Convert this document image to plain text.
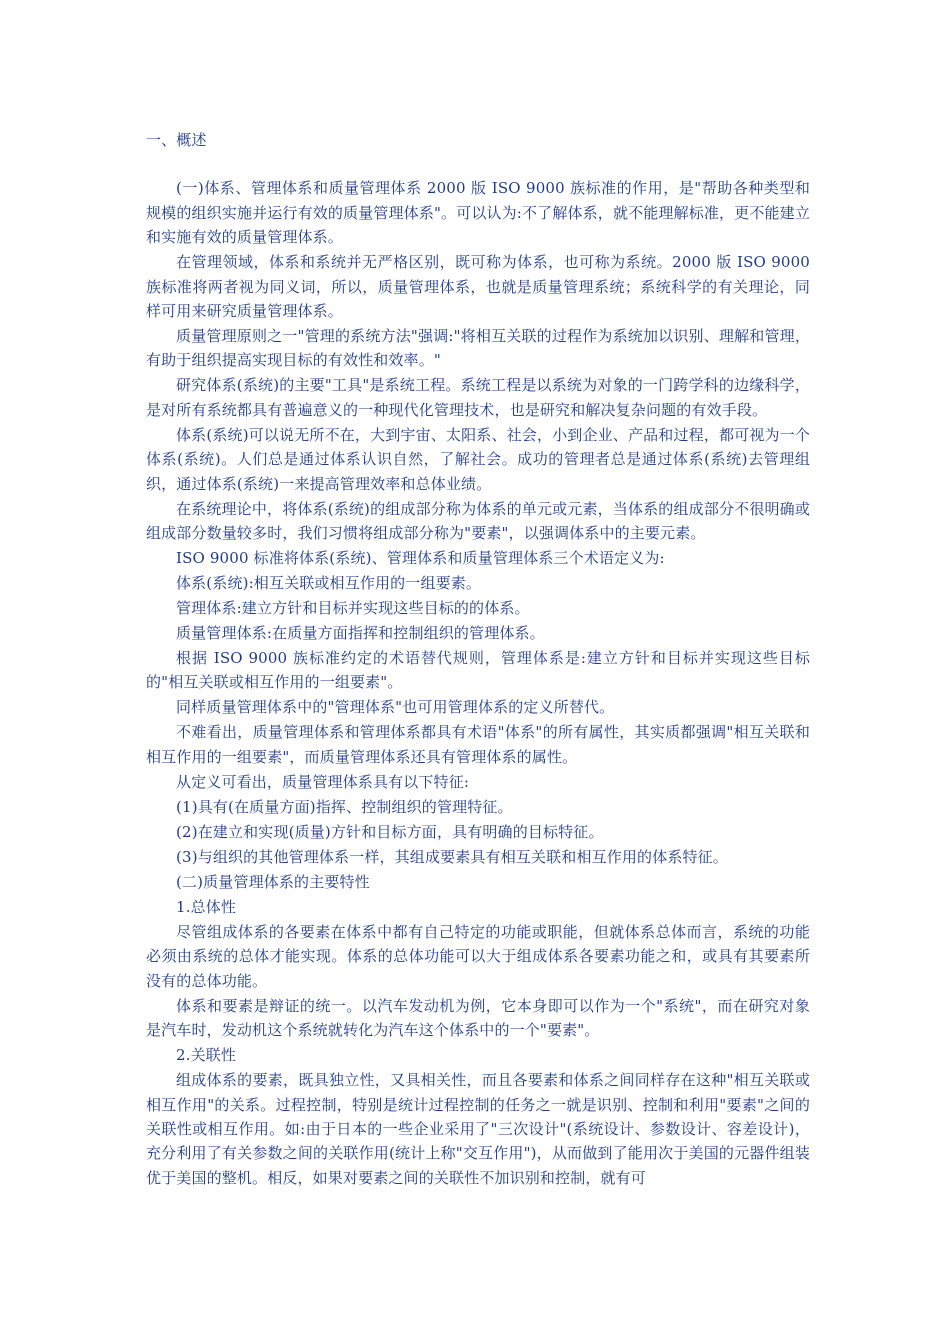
一、概述

(一)体系、管理体系和质量管理体系 2000 版 ISO 9000 族标准的作用，是"帮助各种类型和规模的组织实施并运行有效的质量管理体系"。可以认为:不了解体系，就不能理解标准，更不能建立和实施有效的质量管理体系。

在管理领域，体系和系统并无严格区别，既可称为体系，也可称为系统。2000 版 ISO 9000 族标准将两者视为同义词，所以，质量管理体系，也就是质量管理系统；系统科学的有关理论，同样可用来研究质量管理体系。

质量管理原则之一"管理的系统方法"强调:"将相互关联的过程作为系统加以识别、理解和管理，有助于组织提高实现目标的有效性和效率。"

研究体系(系统)的主要"工具"是系统工程。系统工程是以系统为对象的一门跨学科的边缘科学，是对所有系统都具有普遍意义的一种现代化管理技术，也是研究和解决复杂问题的有效手段。

体系(系统)可以说无所不在，大到宇宙、太阳系、社会，小到企业、产品和过程，都可视为一个体系(系统)。人们总是通过体系认识自然，了解社会。成功的管理者总是通过体系(系统)去管理组织，通过体系(系统)一来提高管理效率和总体业绩。

在系统理论中，将体系(系统)的组成部分称为体系的单元或元素，当体系的组成部分不很明确或组成部分数量较多时，我们习惯将组成部分称为"要素"，以强调体系中的主要元素。

ISO 9000 标准将体系(系统)、管理体系和质量管理体系三个术语定义为:

体系(系统):相互关联或相互作用的一组要素。

管理体系:建立方针和目标并实现这些目标的的体系。

质量管理体系:在质量方面指挥和控制组织的管理体系。

根据 ISO 9000 族标准约定的术语替代规则，管理体系是:建立方针和目标并实现这些目标的"相互关联或相互作用的一组要素"。

同样质量管理体系中的"管理体系"也可用管理体系的定义所替代。

不难看出，质量管理体系和管理体系都具有术语"体系"的所有属性，其实质都强调"相互关联和相互作用的一组要素"，而质量管理体系还具有管理体系的属性。

从定义可看出，质量管理体系具有以下特征:

(1)具有(在质量方面)指挥、控制组织的管理特征。

(2)在建立和实现(质量)方针和目标方面，具有明确的目标特征。

(3)与组织的其他管理体系一样，其组成要素具有相互关联和相互作用的体系特征。

(二)质量管理体系的主要特性

1.总体性

尽管组成体系的各要素在体系中都有自己特定的功能或职能，但就体系总体而言，系统的功能必须由系统的总体才能实现。体系的总体功能可以大于组成体系各要素功能之和，或具有其要素所没有的总体功能。

体系和要素是辩证的统一。以汽车发动机为例，它本身即可以作为一个"系统"，而在研究对象是汽车时，发动机这个系统就转化为汽车这个体系中的一个"要素"。

2.关联性

组成体系的要素，既具独立性，又具相关性，而且各要素和体系之间同样存在这种"相互关联或相互作用"的关系。过程控制，特别是统计过程控制的任务之一就是识别、控制和利用"要素"之间的关联性或相互作用。如:由于日本的一些企业采用了"三次设计"(系统设计、参数设计、容差设计)，充分利用了有关参数之间的关联作用(统计上称"交互作用")，从而做到了能用次于美国的元器件组装优于美国的整机。相反，如果对要素之间的关联性不加识别和控制，就有可
